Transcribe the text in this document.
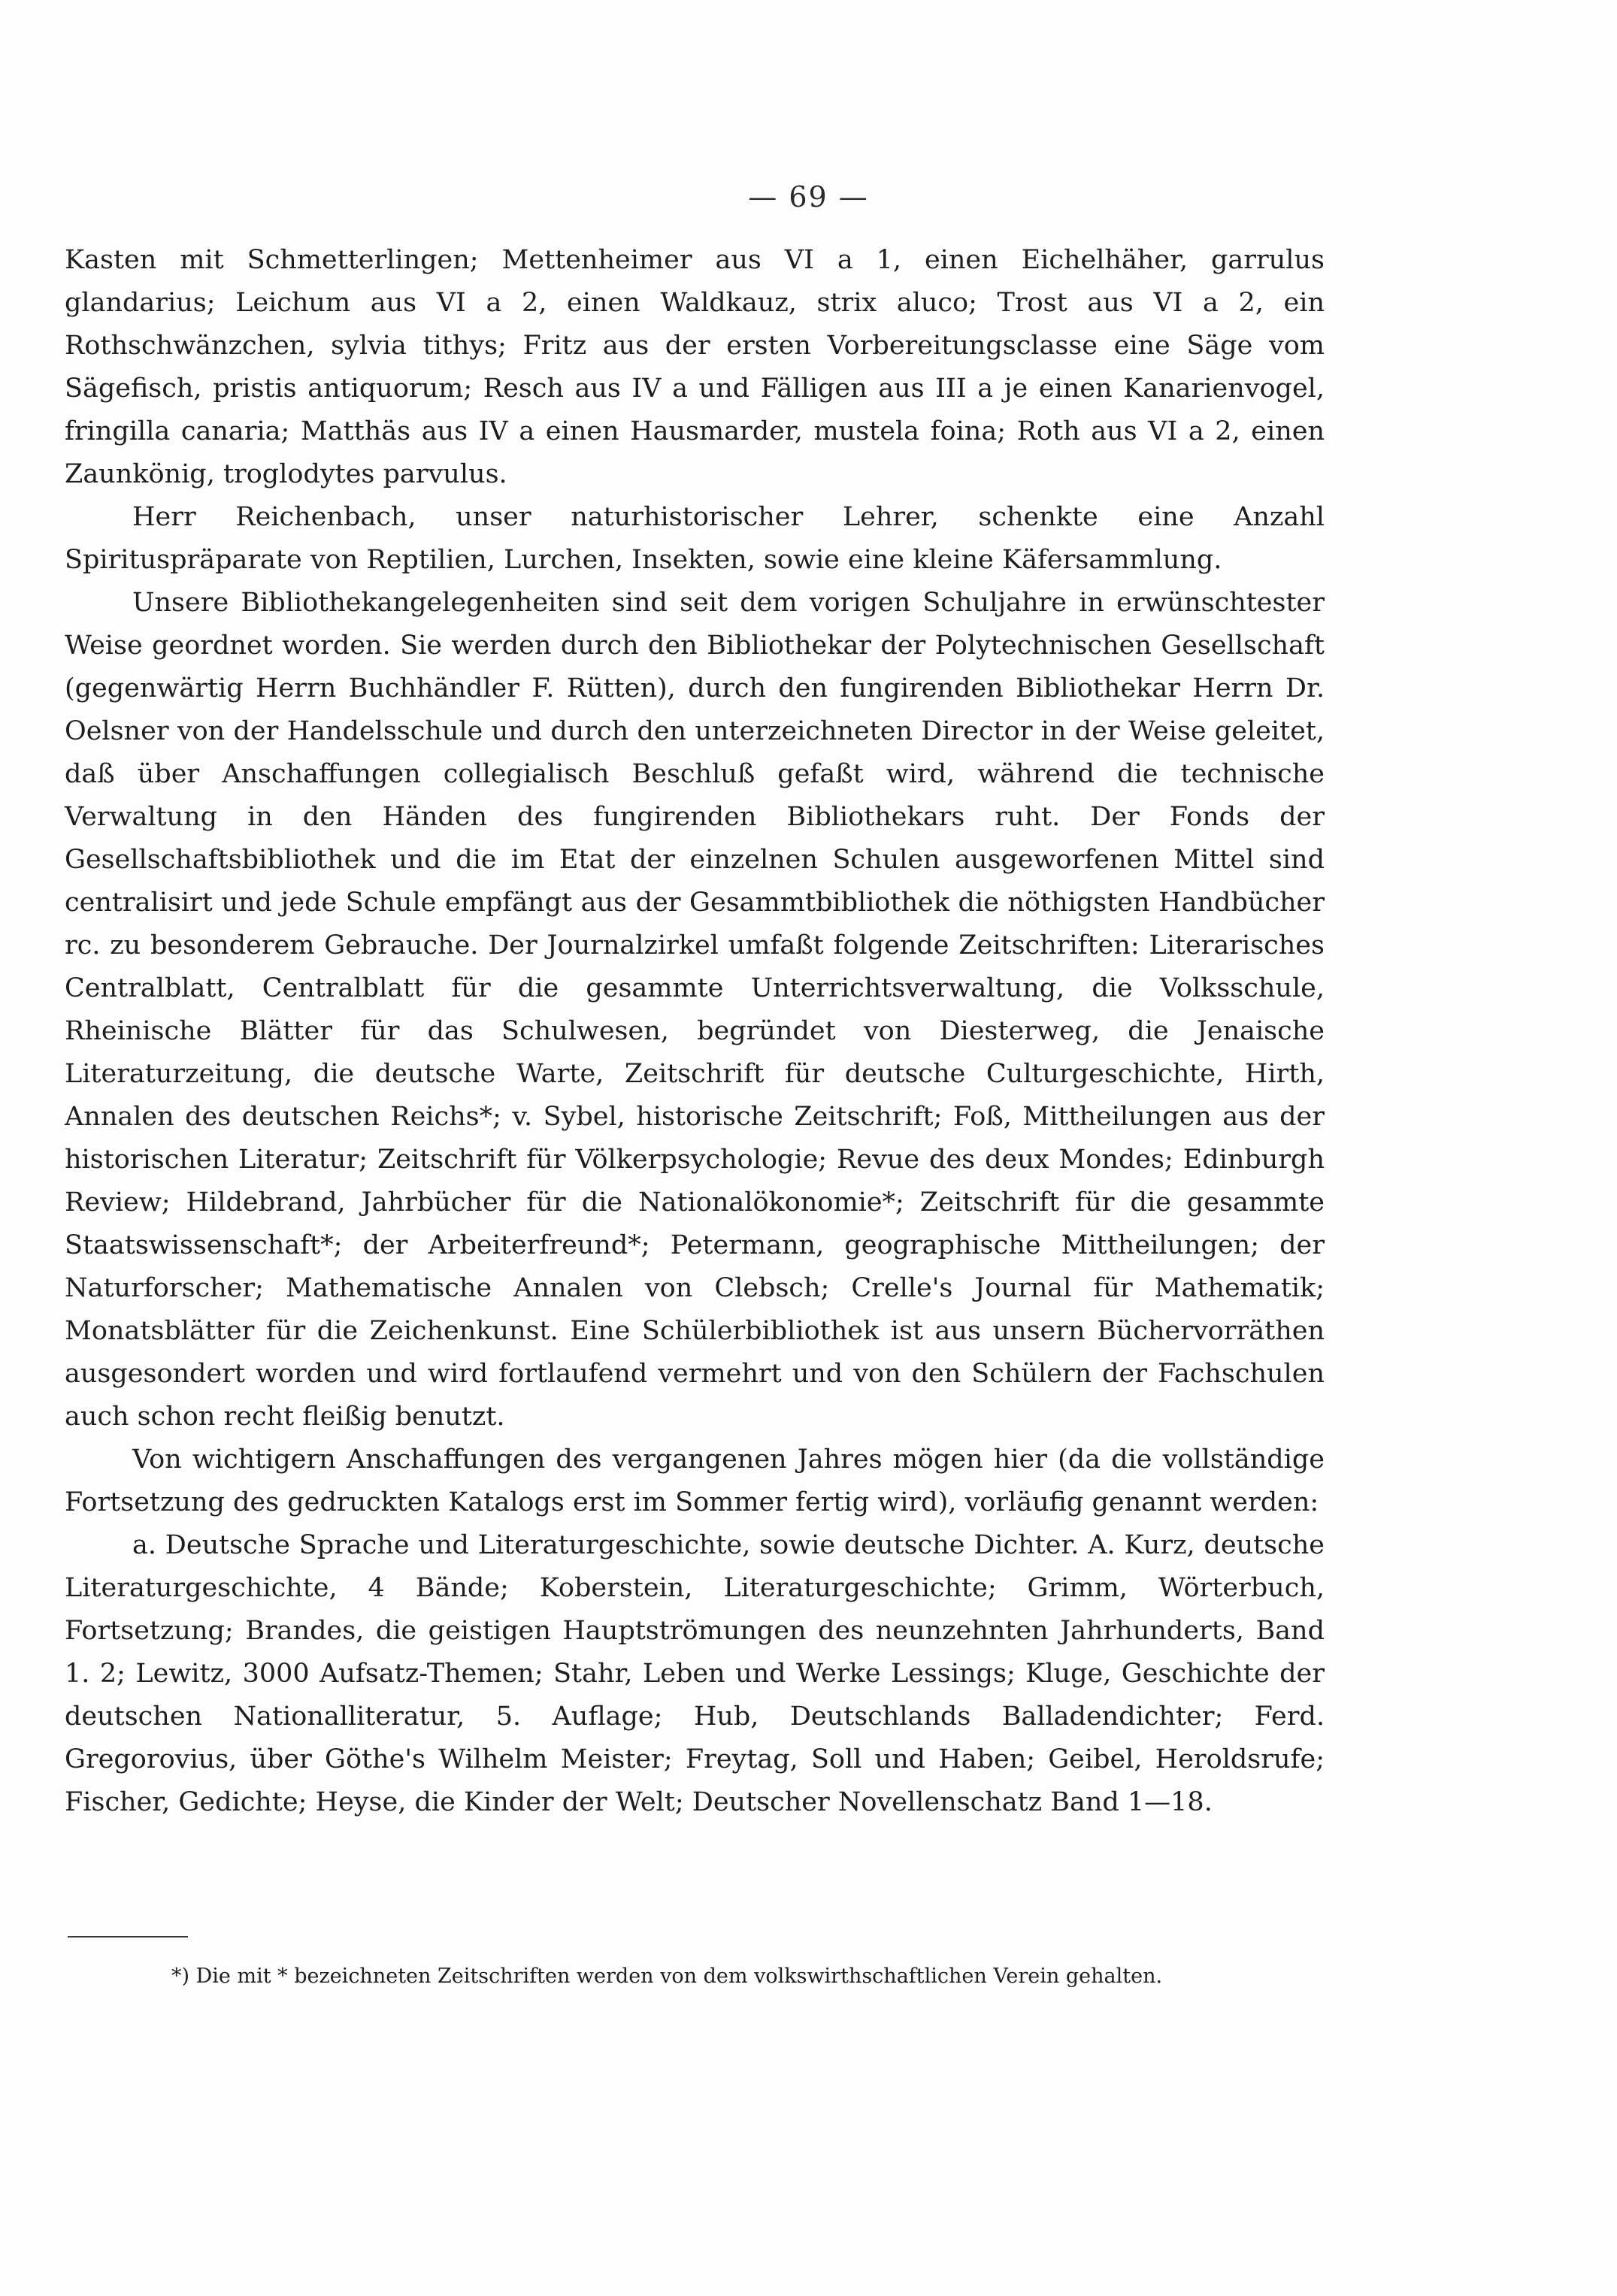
— 69 —

Kasten mit Schmetterlingen; Mettenheimer aus VI a 1, einen Eichelhäher, garrulus glandarius; Leichum aus VI a 2, einen Waldkauz, strix aluco; Trost aus VI a 2, ein Rothschwänzchen, sylvia tithys; Fritz aus der ersten Vorbereitungsclasse eine Säge vom Sägefisch, pristis antiquorum; Resch aus IV a und Fälligen aus III a je einen Kanarienvogel, fringilla canaria; Matthäs aus IV a einen Hausmarder, mustela foina; Roth aus VI a 2, einen Zaunkönig, troglodytes parvulus.

Herr Reichenbach, unser naturhistorischer Lehrer, schenkte eine Anzahl Spirituspräparate von Reptilien, Lurchen, Insekten, sowie eine kleine Käfersammlung.

Unsere Bibliothekangelegenheiten sind seit dem vorigen Schuljahre in erwünschtester Weise geordnet worden. Sie werden durch den Bibliothekar der Polytechnischen Gesellschaft (gegenwärtig Herrn Buchhändler F. Rütten), durch den fungirenden Bibliothekar Herrn Dr. Oelsner von der Handelsschule und durch den unterzeichneten Director in der Weise geleitet, daß über Anschaffungen collegialisch Beschluß gefaßt wird, während die technische Verwaltung in den Händen des fungirenden Bibliothekars ruht. Der Fonds der Gesellschaftsbibliothek und die im Etat der einzelnen Schulen ausgeworfenen Mittel sind centralisirt und jede Schule empfängt aus der Gesammtbibliothek die nöthigsten Handbücher rc. zu besonderem Gebrauche. Der Journalzirkel umfaßt folgende Zeitschriften: Literarisches Centralblatt, Centralblatt für die gesammte Unterrichtsverwaltung, die Volksschule, Rheinische Blätter für das Schulwesen, begründet von Diesterweg, die Jenaische Literaturzeitung, die deutsche Warte, Zeitschrift für deutsche Culturgeschichte, Hirth, Annalen des deutschen Reichs*; v. Sybel, historische Zeitschrift; Foß, Mittheilungen aus der historischen Literatur; Zeitschrift für Völkerpsychologie; Revue des deux Mondes; Edinburgh Review; Hildebrand, Jahrbücher für die Nationalökonomie*; Zeitschrift für die gesammte Staatswissenschaft*; der Arbeiterfreund*; Petermann, geographische Mittheilungen; der Naturforscher; Mathematische Annalen von Clebsch; Crelle's Journal für Mathematik; Monatsblätter für die Zeichenkunst. Eine Schülerbibliothek ist aus unsern Büchervorräthen ausgesondert worden und wird fortlaufend vermehrt und von den Schülern der Fachschulen auch schon recht fleißig benutzt.

Von wichtigern Anschaffungen des vergangenen Jahres mögen hier (da die vollständige Fortsetzung des gedruckten Katalogs erst im Sommer fertig wird), vorläufig genannt werden:

a. Deutsche Sprache und Literaturgeschichte, sowie deutsche Dichter. A. Kurz, deutsche Literaturgeschichte, 4 Bände; Koberstein, Literaturgeschichte; Grimm, Wörterbuch, Fortsetzung; Brandes, die geistigen Hauptströmungen des neunzehnten Jahrhunderts, Band 1. 2; Lewitz, 3000 Aufsatz-Themen; Stahr, Leben und Werke Lessings; Kluge, Geschichte der deutschen Nationalliteratur, 5. Auflage; Hub, Deutschlands Balladendichter; Ferd. Gregorovius, über Göthe's Wilhelm Meister; Freytag, Soll und Haben; Geibel, Heroldsrufe; Fischer, Gedichte; Heyse, die Kinder der Welt; Deutscher Novellenschatz Band 1—18.

*) Die mit * bezeichneten Zeitschriften werden von dem volkswirthschaftlichen Verein gehalten.
